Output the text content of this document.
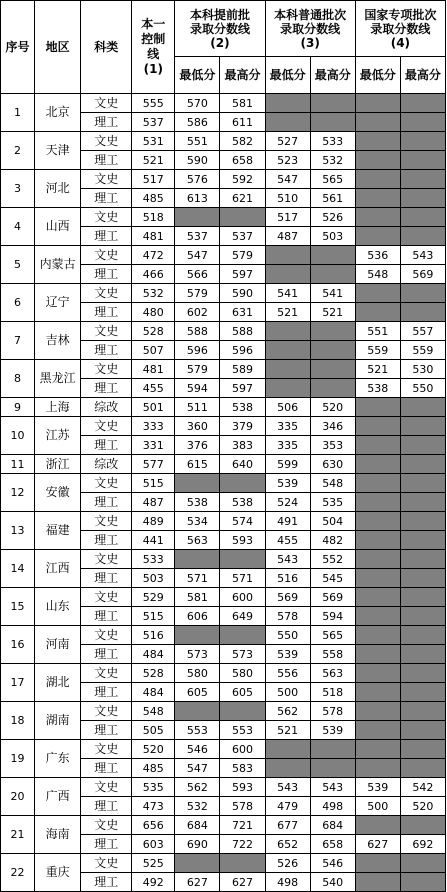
序号	地区	科类	本一
控制
线
(1)	本科提前批
录取分数线
(2)		本科普通批次
录取分数线
(3)		国家专项批次
录取分数线
(4)	

				最低分	最高分	最低分	最高分	最低分	最高分
1	北京	文史	555	570	581				
		理工	537	586	611				
2	天津	文史	531	551	582	527	533		
		理工	521	590	658	523	532		
3	河北	文史	517	576	592	547	565		
		理工	485	613	621	510	561		
4	山西	文史	518			517	526		
		理工	481	537	537	487	503		
5	内蒙古	文史	472	547	579			536	543
		理工	466	566	597			548	569
6	辽宁	文史	532	579	590	541	541		
		理工	480	602	631	521	521		
7	吉林	文史	528	588	588			551	557
		理工	507	596	596			559	559
8	黑龙江	文史	481	579	589			521	530
		理工	455	594	597			538	550
9	上海	综改	501	511	538	506	520		
10	江苏	文史	333	360	379	335	346		
		理工	331	376	383	335	353		
11	浙江	综改	577	615	640	599	630		
12	安徽	文史	515			539	548		
		理工	487	538	538	524	535		
13	福建	文史	489	534	574	491	504		
		理工	441	563	593	455	482		
14	江西	文史	533			543	552		
		理工	503	571	571	516	545		
15	山东	文史	529	581	600	569	569		
		理工	515	606	649	578	594		
16	河南	文史	516			550	565		
		理工	484	573	573	539	558		
17	湖北	文史	528	580	580	556	563		
		理工	484	605	605	500	518		
18	湖南	文史	548			562	578		
		理工	505	553	553	521	539		
19	广东	文史	520	546	600				
		理工	485	547	583				
20	广西	文史	535	562	593	543	543	539	542
		理工	473	532	578	479	498	500	520
21	海南	文史	656	684	721	677	684		
		理工	603	690	722	652	658	627	692
22	重庆	文史	525			526	546		
		理工	492	627	627	498	540		
